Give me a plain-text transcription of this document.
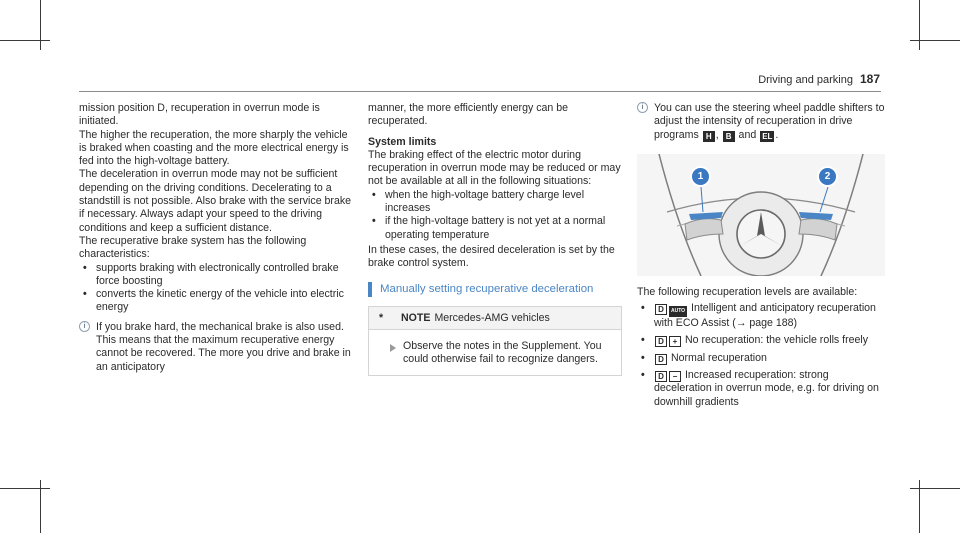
Driving and parking 187

mission position D, recuperation in overrun mode is initiated.

The higher the recuperation, the more sharply the vehicle is braked when coasting and the more electrical energy is fed into the high-voltage battery.

The deceleration in overrun mode may not be sufficient depending on the driving conditions. Decelerating to a standstill is not possible. Also brake with the service brake if necessary. Always adapt your speed to the driving conditions and keep a sufficient distance.

The recuperative brake system has the following characteristics:

• supports braking with electronically controlled brake force boosting
• converts the kinetic energy of the vehicle into electric energy
i If you brake hard, the mechanical brake is also used. This means that the maximum recuperative energy cannot be recovered. The more you drive and brake in an anticipatory

manner, the more efficiently energy can be recuperated.

System limits

The braking effect of the electric motor during recuperation in overrun mode may be reduced or may not be available at all in the following situations:

• when the high-voltage battery charge level increases
• if the high-voltage battery is not yet at a normal operating temperature

In these cases, the desired deceleration is set by the brake control system.

Manually setting recuperative deceleration
* NOTE Mercedes-AMG vehicles
Observe the notes in the Supplement. You could otherwise fail to recognize dangers.
i You can use the steering wheel paddle shifters to adjust the intensity of recuperation in drive programs H , B and EL .
1	2

The following recuperation levels are available:

• D AUTO Intelligent and anticipatory recuperation with ECO Assist (→ page 188)
• D + No recuperation: the vehicle rolls freely
• D Normal recuperation
• D − Increased recuperation: strong deceleration in overrun mode, e.g. for driving on downhill gradients
